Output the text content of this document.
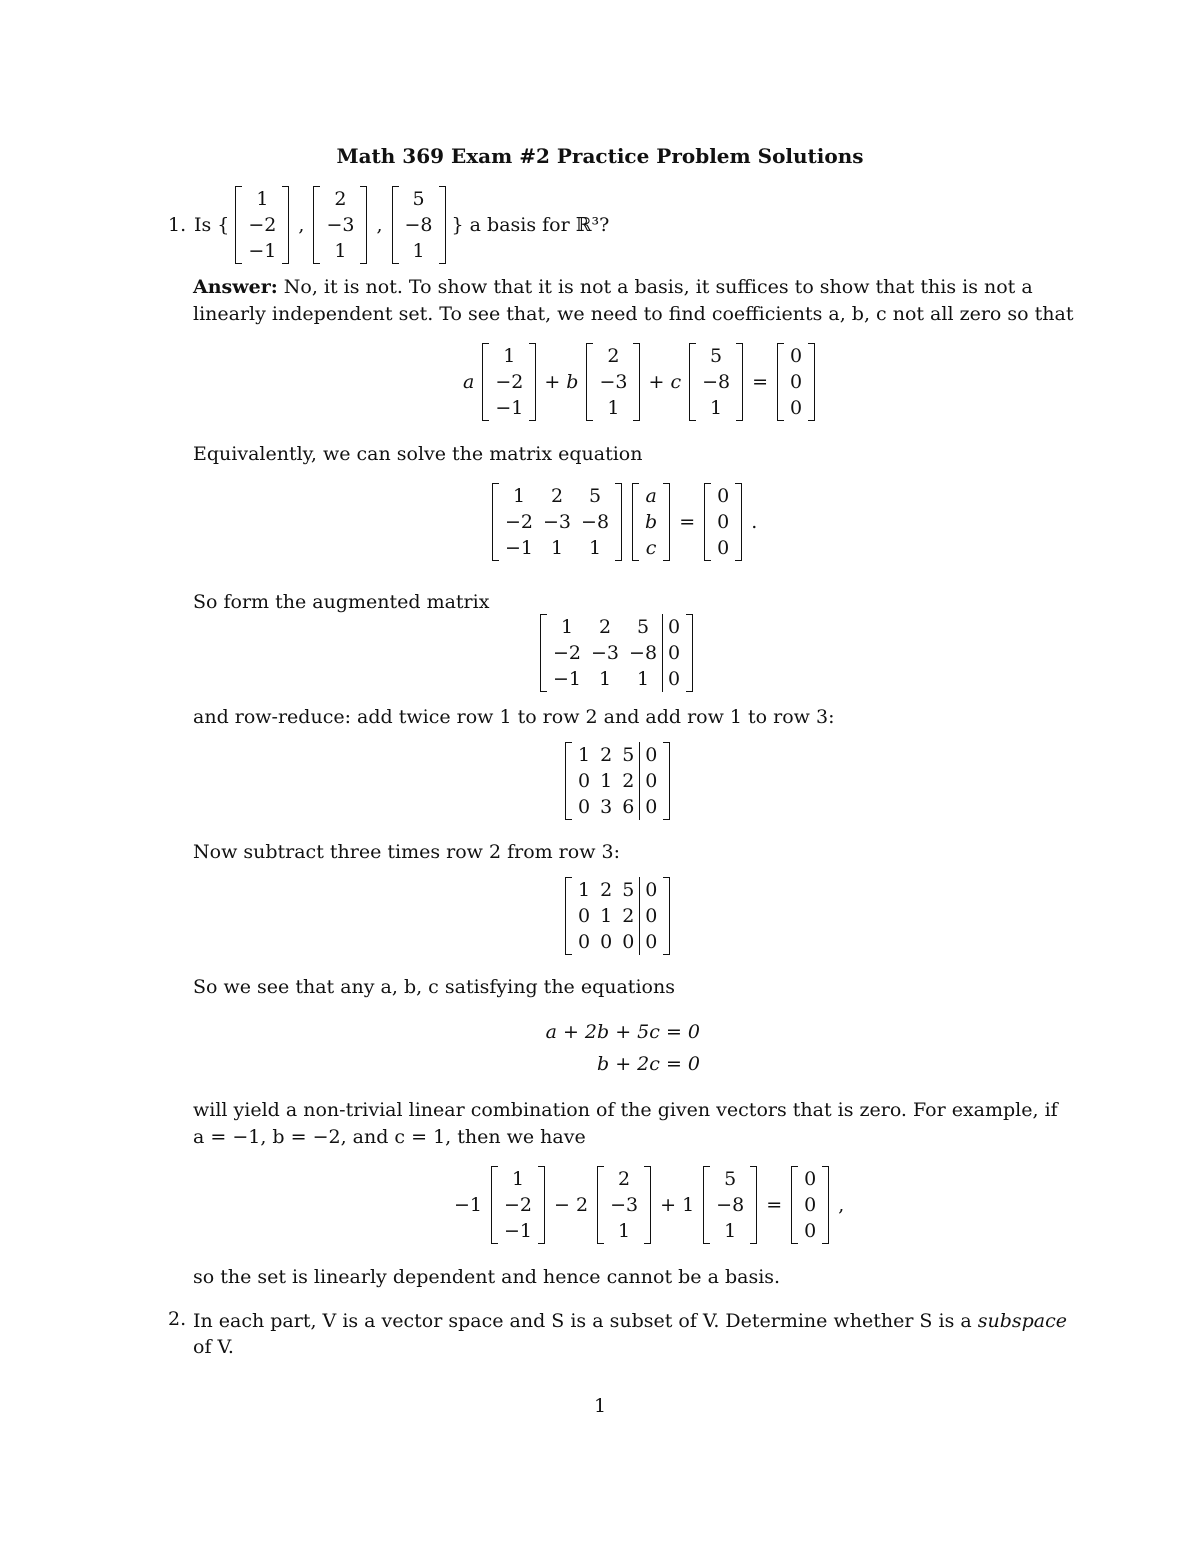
Math 369 Exam #2 Practice Problem Solutions
1. Is {
1
−2
−1
,
2
−3
1
,
5
−8
1
} a basis for ℝ³?
Answer: No, it is not. To show that it is not a basis, it suffices to show that this is not a
linearly independent set. To see that, we need to find coefficients a, b, c not all zero so that
a
1
−2
−1
+ b
2
−3
1
+ c
5
−8
1
=
0
0
0
Equivalently, we can solve the matrix equation
1	2	5
−2	−3	−8
−1	1	1
a
b
c
=
0
0
0
.
So form the augmented matrix
1	2	5	0
−2	−3	−8	0
−1	1	1	0
and row-reduce: add twice row 1 to row 2 and add row 1 to row 3:
1	2	5	0
0	1	2	0
0	3	6	0
Now subtract three times row 2 from row 3:
1	2	5	0
0	1	2	0
0	0	0	0
So we see that any a, b, c satisfying the equations
a + 2b + 5c = 0
b + 2c = 0
will yield a non-trivial linear combination of the given vectors that is zero. For example, if
a = −1, b = −2, and c = 1, then we have
−1
1
−2
−1
− 2
2
−3
1
+ 1
5
−8
1
=
0
0
0
,
so the set is linearly dependent and hence cannot be a basis.
2. In each part, V is a vector space and S is a subset of V. Determine whether S is a subspace
of V.
1
